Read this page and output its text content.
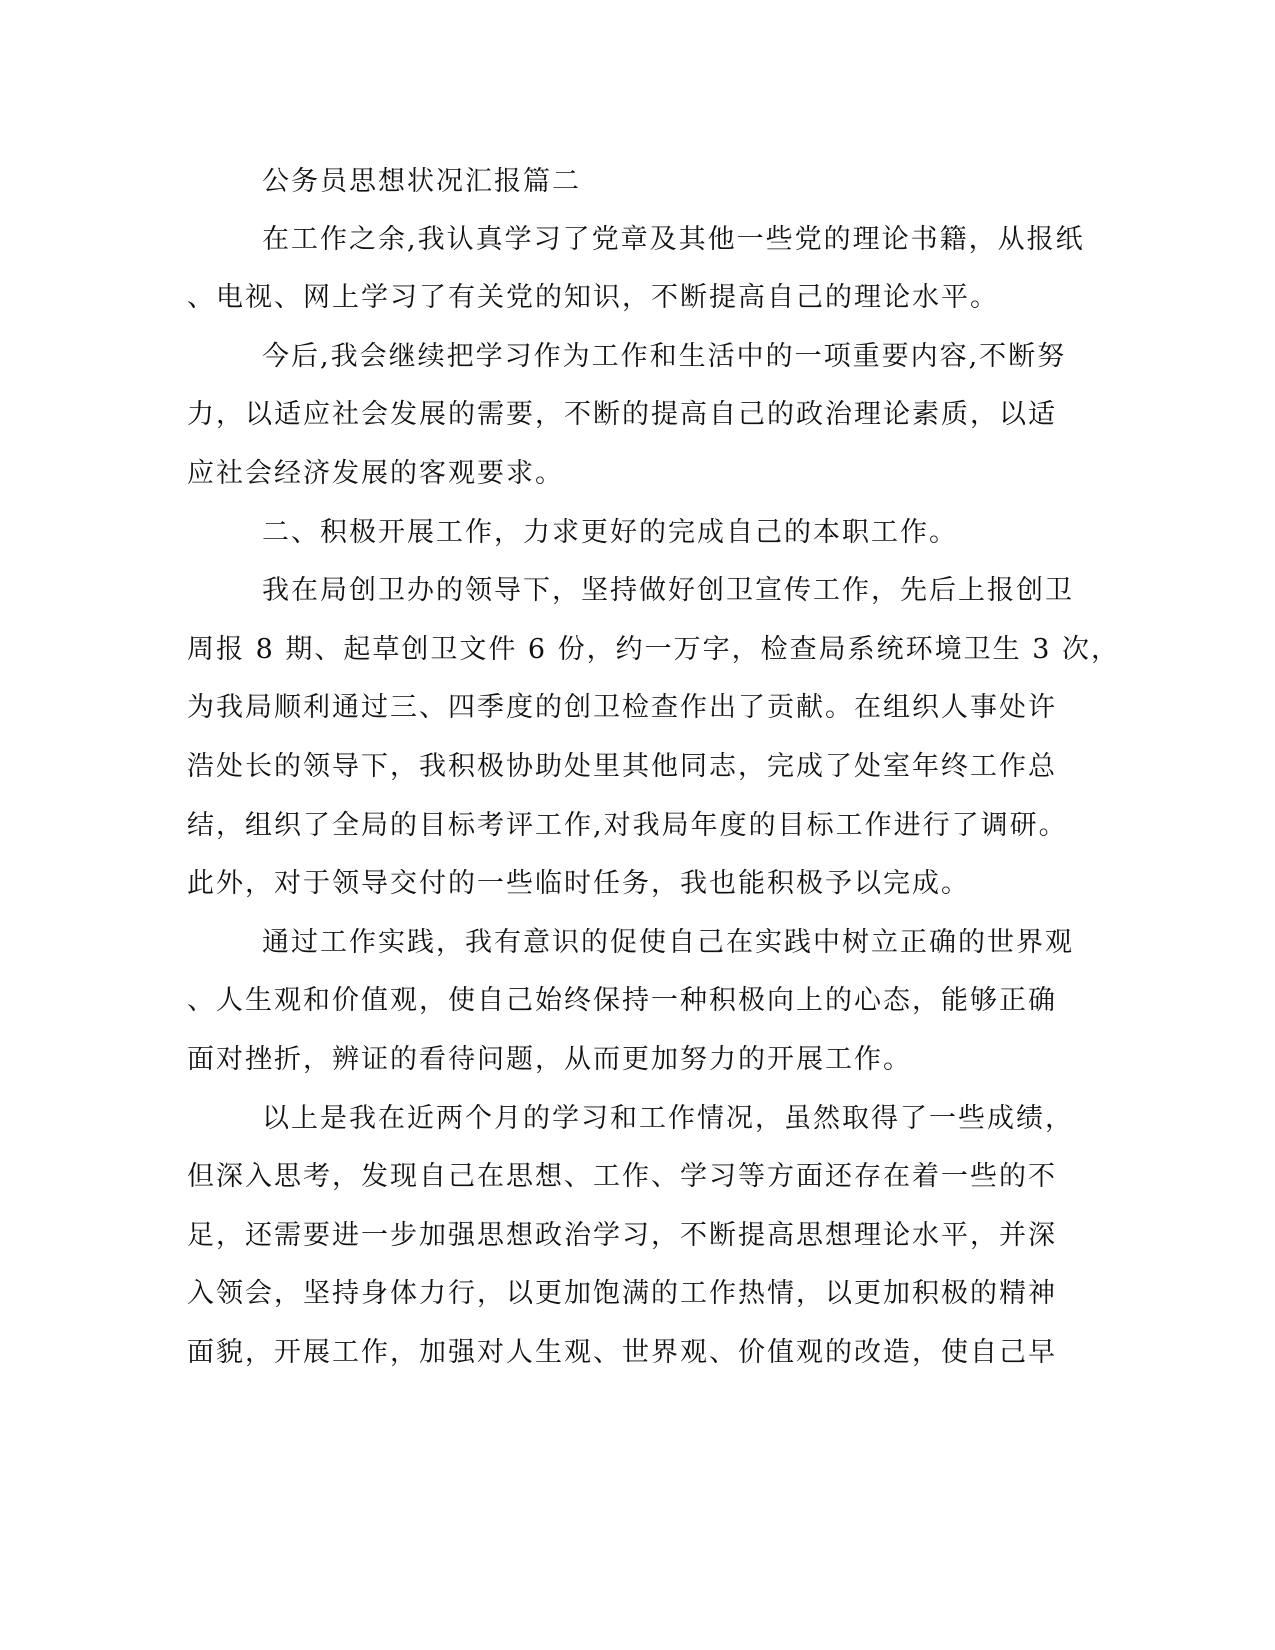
公务员思想状况汇报篇二

在工作之余,我认真学习了党章及其他一些党的理论书籍，从报纸

、电视、网上学习了有关党的知识，不断提高自己的理论水平。

今后,我会继续把学习作为工作和生活中的一项重要内容,不断努

力，以适应社会发展的需要，不断的提高自己的政治理论素质，以适

应社会经济发展的客观要求。

二、积极开展工作，力求更好的完成自己的本职工作。

我在局创卫办的领导下，坚持做好创卫宣传工作，先后上报创卫

周报 8 期、起草创卫文件 6 份，约一万字，检查局系统环境卫生 3 次，

为我局顺利通过三、四季度的创卫检查作出了贡献。在组织人事处许

浩处长的领导下，我积极协助处里其他同志，完成了处室年终工作总

结，组织了全局的目标考评工作,对我局年度的目标工作进行了调研。

此外，对于领导交付的一些临时任务，我也能积极予以完成。

通过工作实践，我有意识的促使自己在实践中树立正确的世界观

、人生观和价值观，使自己始终保持一种积极向上的心态，能够正确

面对挫折，辨证的看待问题，从而更加努力的开展工作。

以上是我在近两个月的学习和工作情况，虽然取得了一些成绩，

但深入思考，发现自己在思想、工作、学习等方面还存在着一些的不

足，还需要进一步加强思想政治学习，不断提高思想理论水平，并深

入领会，坚持身体力行，以更加饱满的工作热情，以更加积极的精神

面貌，开展工作，加强对人生观、世界观、价值观的改造，使自己早
